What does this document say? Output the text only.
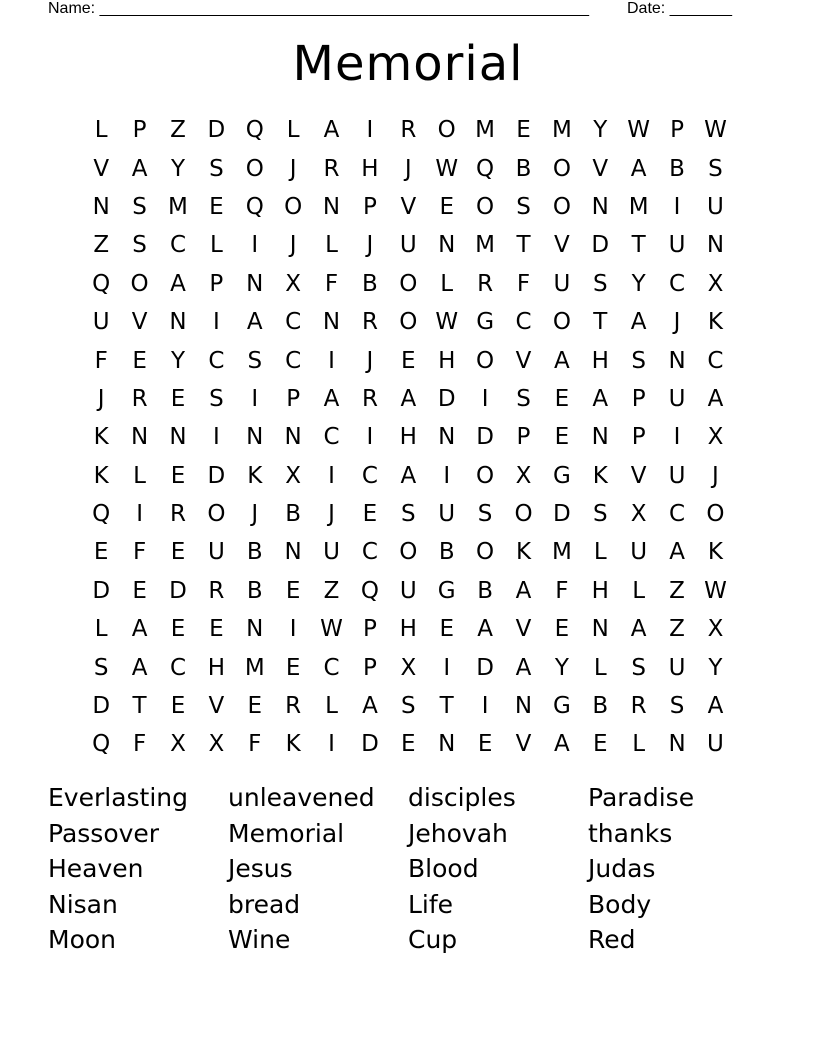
Name: _______________________________________________________ Date: _______
Memorial
L	P	Z D Q L	A	I	R O M E M Y W P W
V A	Y	S O	J	R H	J	W Q B O V A B	S
N S M E Q O N P	V	E O S O N M	I	U
Z	S	C	L	I	J	L	J	U N M T	V D T U N
Q O A	P N X	F	B O L	R	F	U S	Y	C X
U V N	I	A C N R O W G C O T	A	J	K
F	E	Y	C	S	C	I	J	E H O V A H S N C
J	R	E	S	I	P	A R A D	I	S	E	A	P	U A
K N N	I	N N C	I	H N D P	E N P	I	X
K	L	E D K X	I	C A	I	O X G K V U	J
Q	I	R O	J	B	J	E	S U S O D S	X C O
E	F	E U B N U C O B O K M L	U A K
D E D R B	E	Z Q U G B A	F	H	L	Z W
L	A	E	E N	I	W P H E	A V	E N A Z X
S	A C H M E	C	P	X	I	D A	Y	L	S U Y
D T	E	V	E	R	L	A	S	T	I	N G B R	S	A
Q F	X X	F	K	I	D E N E	V A	E	L	N U
Everlasting	unleavened	disciples	Paradise
Passover	Memorial	Jehovah	thanks
Heaven	Jesus	Blood	Judas
Nisan	bread	Life	Body
Moon	Wine	Cup	Red
